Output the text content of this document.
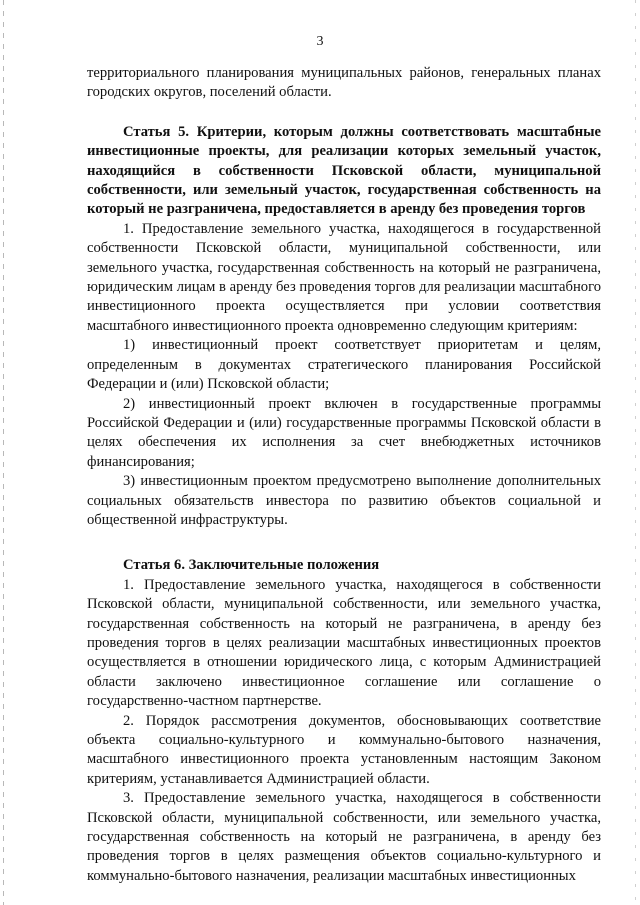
3

территориального планирования муниципальных районов, генеральных планах городских округов, поселений области.

Статья 5. Критерии, которым должны соответствовать масштабные инвестиционные проекты, для реализации которых земельный участок, находящийся в собственности Псковской области, муниципальной собственности, или земельный участок, государственная собственность на который не разграничена, предоставляется в аренду без проведения торгов

1. Предоставление земельного участка, находящегося в государственной собственности Псковской области, муниципальной собственности, или земельного участка, государственная собственность на который не разграничена, юридическим лицам в аренду без проведения торгов для реализации масштабного инвестиционного проекта осуществляется при условии соответствия масштабного инвестиционного проекта одновременно следующим критериям:

1) инвестиционный проект соответствует приоритетам и целям, определенным в документах стратегического планирования Российской Федерации и (или) Псковской области;

2) инвестиционный проект включен в государственные программы Российской Федерации и (или) государственные программы Псковской области в целях обеспечения их исполнения за счет внебюджетных источников финансирования;

3) инвестиционным проектом предусмотрено выполнение дополнительных социальных обязательств инвестора по развитию объектов социальной и общественной инфраструктуры.

Статья 6. Заключительные положения

1. Предоставление земельного участка, находящегося в собственности Псковской области, муниципальной собственности, или земельного участка, государственная собственность на который не разграничена, в аренду без проведения торгов в целях реализации масштабных инвестиционных проектов осуществляется в отношении юридического лица, с которым Администрацией области заключено инвестиционное соглашение или соглашение о государственно-частном партнерстве.

2. Порядок рассмотрения документов, обосновывающих соответствие объекта социально-культурного и коммунально-бытового назначения, масштабного инвестиционного проекта установленным настоящим Законом критериям, устанавливается Администрацией области.

3. Предоставление земельного участка, находящегося в собственности Псковской области, муниципальной собственности, или земельного участка, государственная собственность на который не разграничена, в аренду без проведения торгов в целях размещения объектов социально-культурного и коммунально-бытового назначения, реализации масштабных инвестиционных
